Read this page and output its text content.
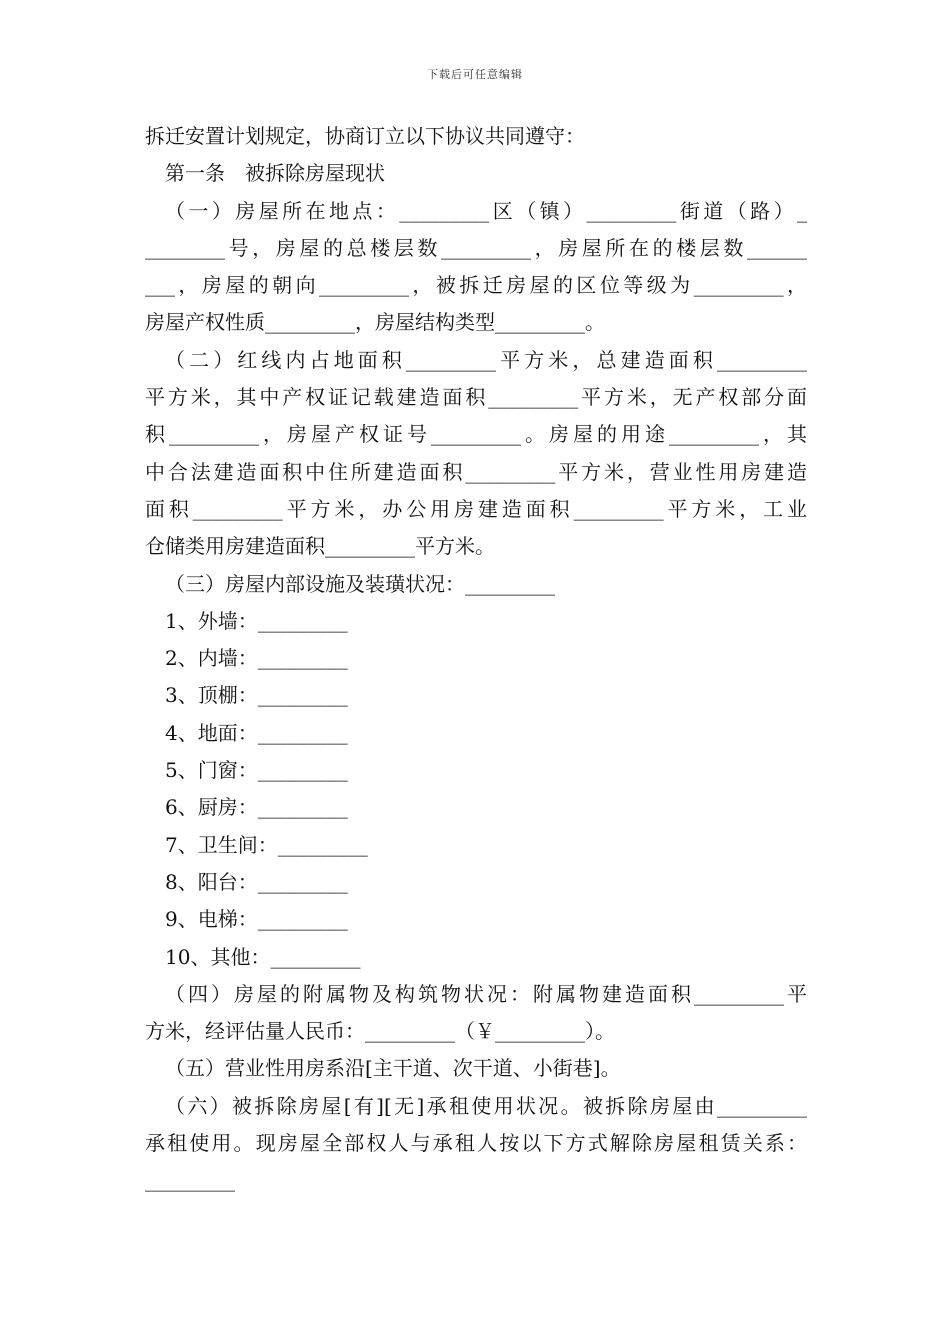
下载后可任意编辑
拆迁安置计划规定，协商订立以下协议共同遵守：
第一条　被拆除房屋现状
（一）房屋所在地点：_________区（镇）_________街道（路）_
________号，房屋的总楼层数_________，房屋所在的楼层数______
___，房屋的朝向_________，被拆迁房屋的区位等级为_________，
房屋产权性质_________，房屋结构类型_________。
（二）红线内占地面积_________平方米，总建造面积_________
平方米，其中产权证记载建造面积_________平方米，无产权部分面
积_________，房屋产权证号_________。房屋的用途_________，其
中合法建造面积中住所建造面积_________平方米，营业性用房建造
面积_________平方米，办公用房建造面积_________平方米，工业
仓储类用房建造面积_________平方米。
（三）房屋内部设施及装璜状况：_________
1、外墙：_________
2、内墙：_________
3、顶棚：_________
4、地面：_________
5、门窗：_________
6、厨房：_________
7、卫生间：_________
8、阳台：_________
9、电梯：_________
10、其他：_________
（四）房屋的附属物及构筑物状况：附属物建造面积_________平
方米，经评估量人民币：_________（￥_________）。
（五）营业性用房系沿[主干道、次干道、小街巷]。
（六）被拆除房屋[有][无]承租使用状况。被拆除房屋由_________
承租使用。现房屋全部权人与承租人按以下方式解除房屋租赁关系：
_________
